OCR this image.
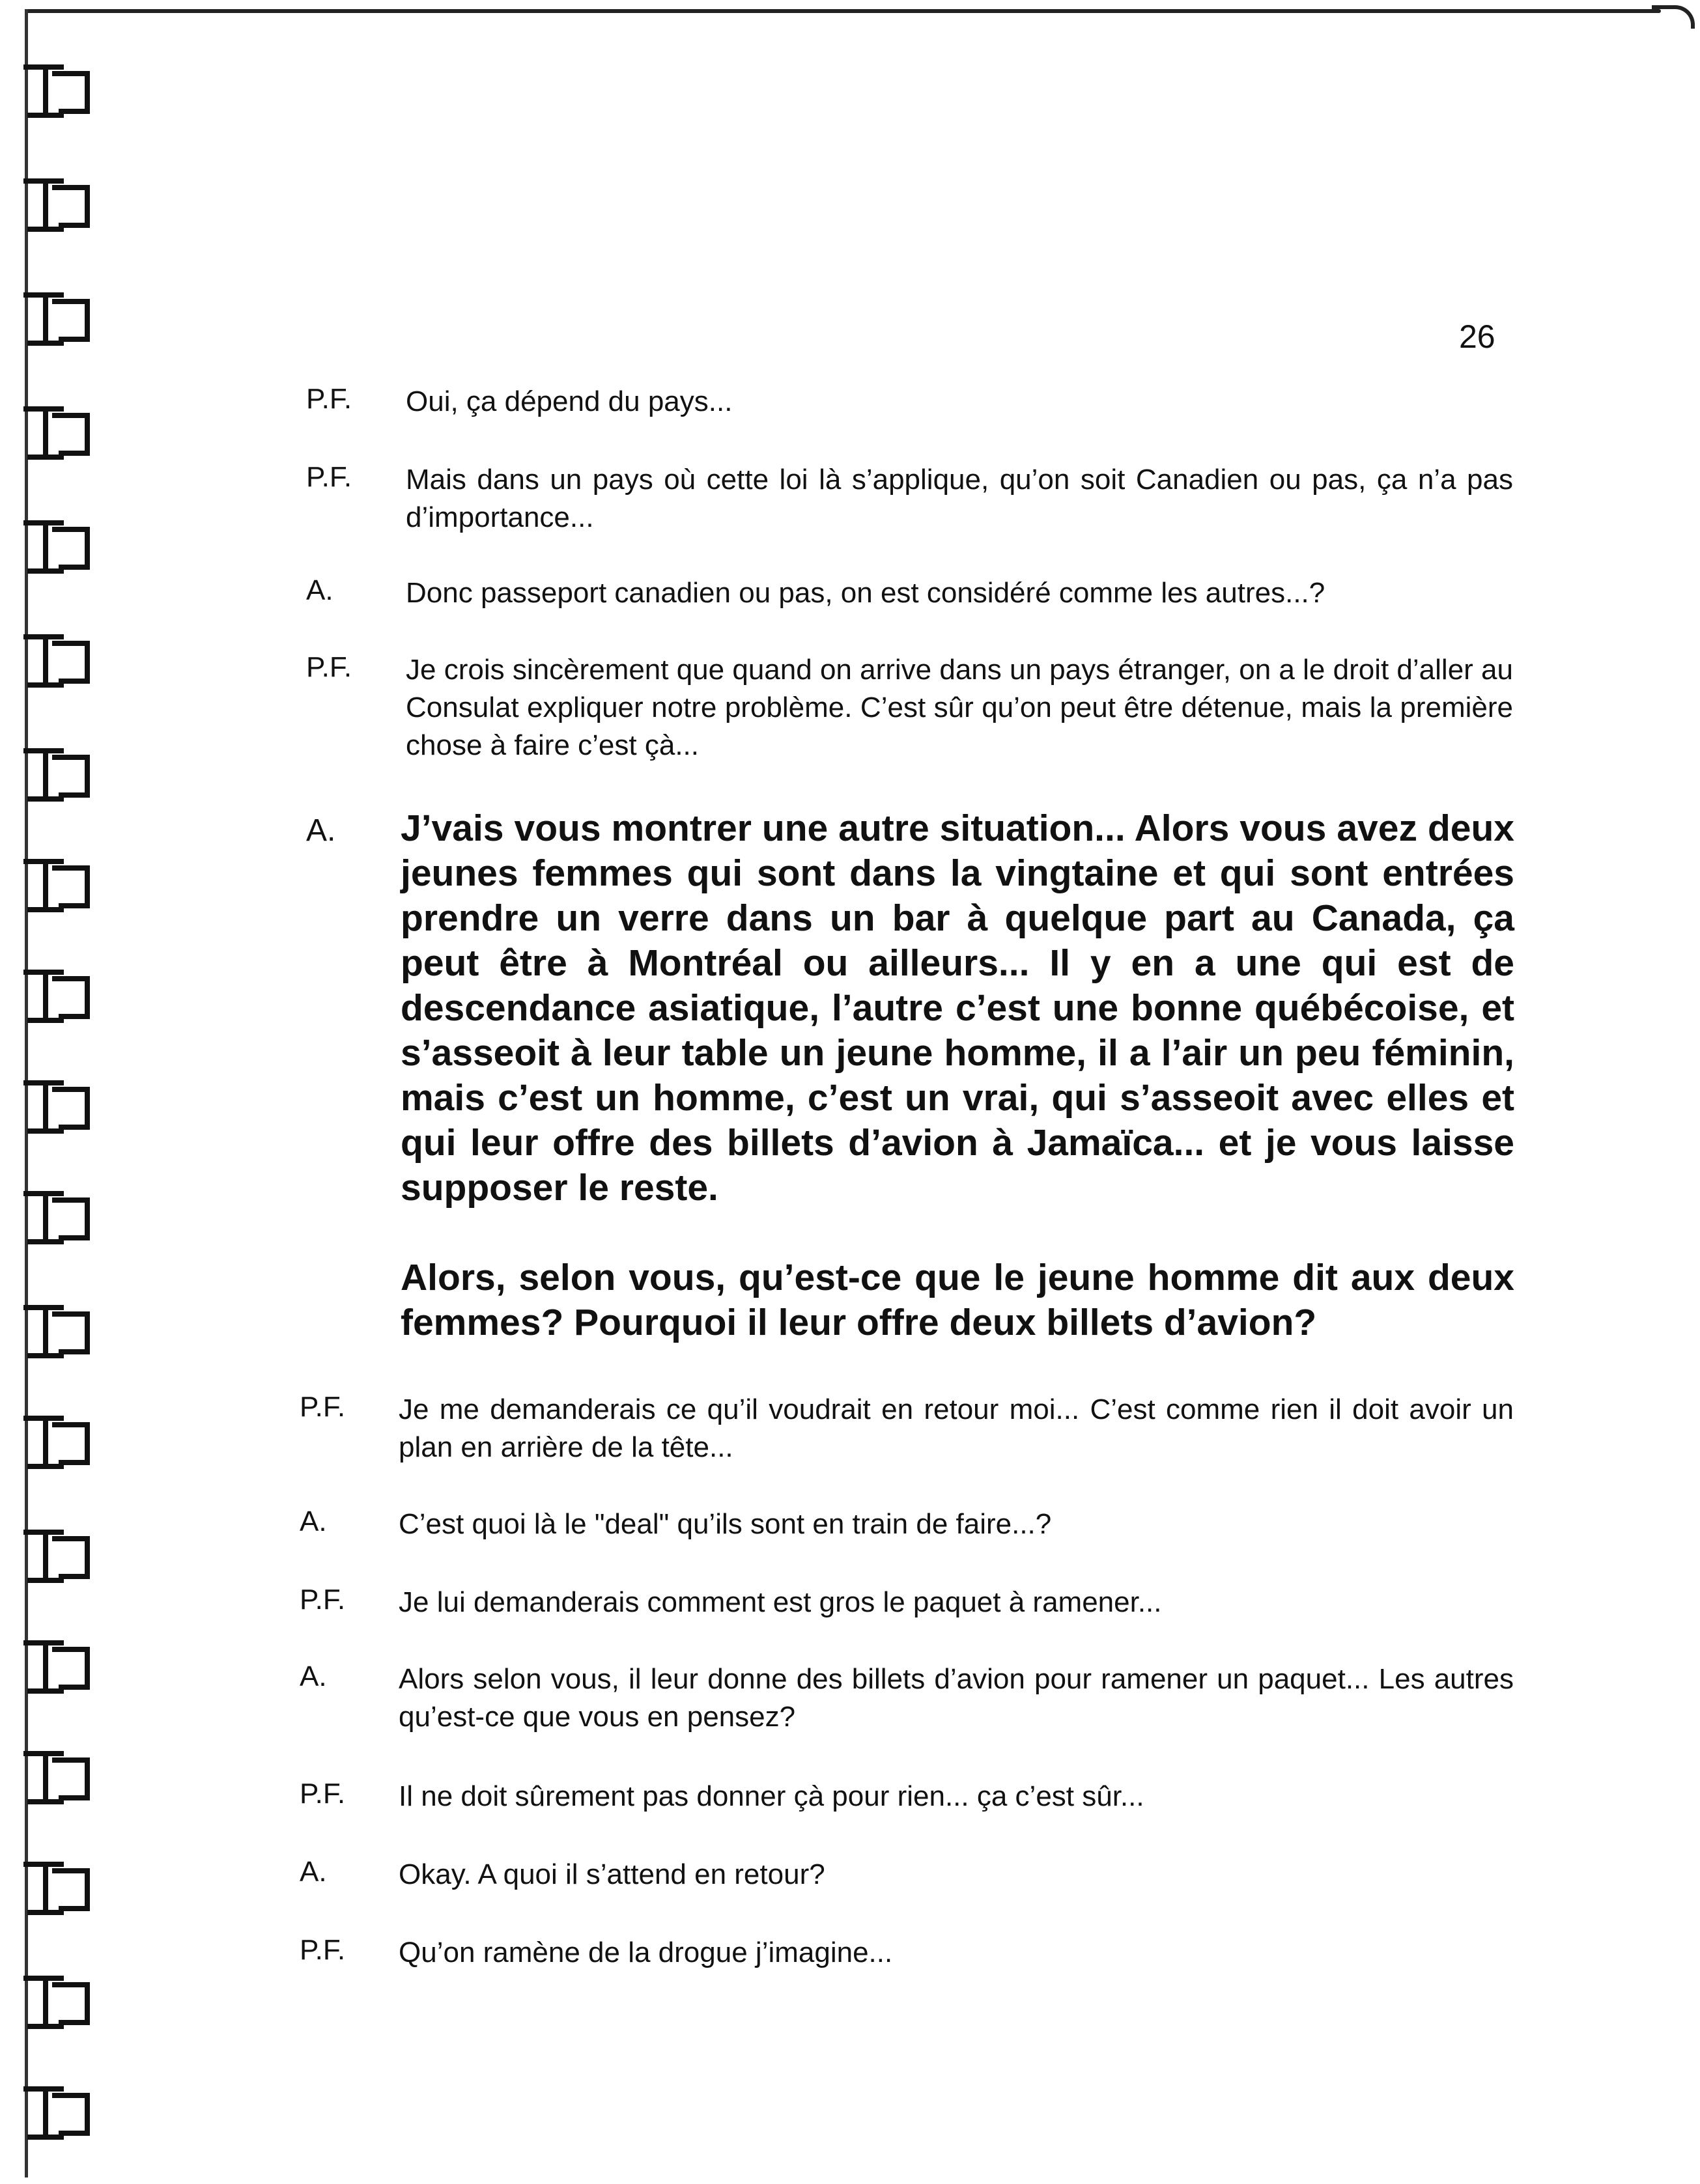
26
P.F. Oui, ça dépend du pays...
P.F. Mais dans un pays où cette loi là s’applique, qu’on soit Canadien ou pas, ça n’a pas d’importance...
A.	Donc passeport canadien ou pas, on est considéré comme les autres...?
P.F. Je crois sincèrement que quand on arrive dans un pays étranger, on a le droit d’aller au Consulat expliquer notre problème. C’est sûr qu’on peut être détenue, mais la première chose à faire c’est çà...
A. J’vais vous montrer une autre situation... Alors vous avez deux jeunes femmes qui sont dans la vingtaine et qui sont entrées prendre un verre dans un bar à quelque part au Canada, ça peut être à Montréal ou ailleurs... Il y en a une qui est de descendance asiatique, l’autre c’est une bonne québécoise, et s’asseoit à leur table un jeune homme, il a l’air un peu féminin, mais c’est un homme, c’est un vrai, qui s’asseoit avec elles et qui leur offre des billets d’avion à Jamaïca... et je vous laisse supposer le reste.
Alors, selon vous, qu’est-ce que le jeune homme dit aux deux femmes? Pourquoi il leur offre deux billets d’avion?
P.F. Je me demanderais ce qu’il voudrait en retour moi... C’est comme rien il doit avoir un plan en arrière de la tête...
A.	C’est quoi là le "deal" qu’ils sont en train de faire...?
P.F. Je lui demanderais comment est gros le paquet à ramener...
A.	Alors selon vous, il leur donne des billets d’avion pour ramener un paquet... Les autres qu’est-ce que vous en pensez?
P.F. Il ne doit sûrement pas donner çà pour rien... ça c’est sûr...
A.	Okay. A quoi il s’attend en retour?
P.F. Qu’on ramène de la drogue j’imagine...
